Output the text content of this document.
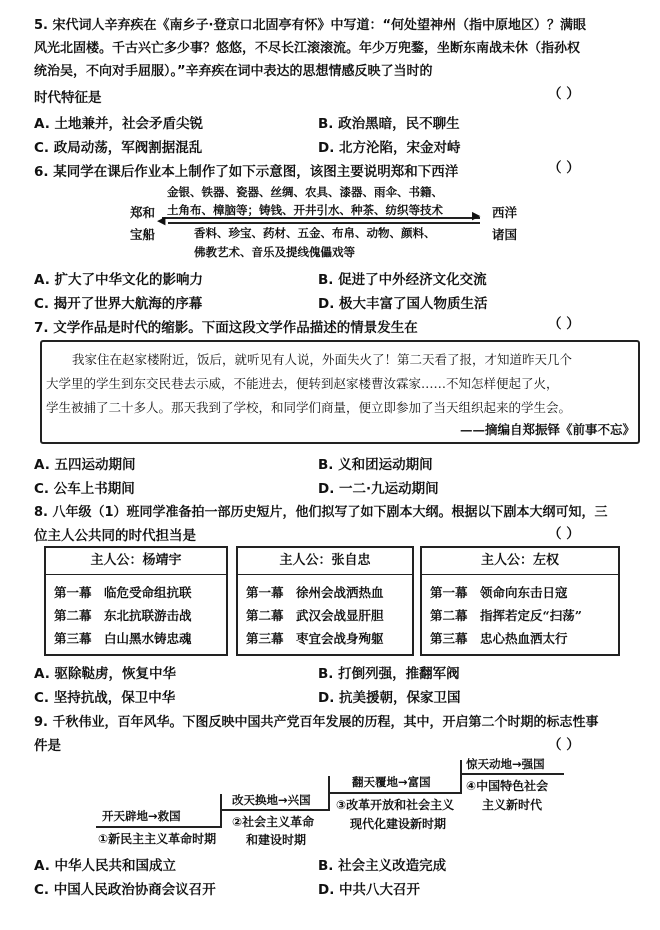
5. 宋代词人辛弃疾在《南乡子·登京口北固亭有怀》中写道：“何处望神州（指中原地区）？满眼
风光北固楼。千古兴亡多少事？悠悠，不尽长江滚滚流。年少万兜鍪，坐断东南战未休（指孙权
统治吴，不向对手屈服）。”辛弃疾在词中表达的思想情感反映了当时的
时代特征是	（ ）
A. 土地兼并，社会矛盾尖锐	B. 政治黑暗，民不聊生
C. 政局动荡，军阀割据混乱	D. 北方沦陷，宋金对峙
6. 某同学在课后作业本上制作了如下示意图，该图主要说明郑和下西洋	（ ）
金银、铁器、瓷器、丝绸、农具、漆器、雨伞、书籍、
郑和 土角布、樟脑等；铸钱、开井引水、种茶、纺织等技术	西洋
▶
◀
宝船	香料、珍宝、药材、五金、布帛、动物、颜料、	诸国
佛教艺术、音乐及提线傀儡戏等
A. 扩大了中华文化的影响力	B. 促进了中外经济文化交流
C. 揭开了世界大航海的序幕	D. 极大丰富了国人物质生活
7. 文学作品是时代的缩影。下面这段文学作品描述的情景发生在	（ ）
我家住在赵家楼附近，饭后，就听见有人说，外面失火了！第二天看了报，才知道昨天几个
大学里的学生到东交民巷去示威，不能进去，便转到赵家楼曹汝霖家……不知怎样便起了火，
学生被捕了二十多人。那天我到了学校，和同学们商量，便立即参加了当天组织起来的学生会。
——摘编自郑振铎《前事不忘》
A. 五四运动期间	B. 义和团运动期间
C. 公车上书期间	D. 一二·九运动期间
8. 八年级（1）班同学准备拍一部历史短片，他们拟写了如下剧本大纲。根据以下剧本大纲可知，三
位主人公共同的时代担当是	（ ）
主人公：杨靖宇
第一幕　临危受命组抗联
第二幕　东北抗联游击战
第三幕　白山黑水铸忠魂
主人公：张自忠
第一幕　徐州会战洒热血
第二幕　武汉会战显肝胆
第三幕　枣宜会战身殉躯
主人公：左权
第一幕　领命向东击日寇
第二幕　指挥若定反“扫荡”
第三幕　忠心热血洒太行
A. 驱除鞑虏，恢复中华	B. 打倒列强，推翻军阀
C. 坚持抗战，保卫中华	D. 抗美援朝，保家卫国
9. 千秋伟业，百年风华。下图反映中国共产党百年发展的历程，其中，开启第二个时期的标志性事
件是	（ ）
开天辟地→救国
①新民主主义革命时期
改天换地→兴国
②社会主义革命
和建设时期
翻天覆地→富国
③改革开放和社会主义
现代化建设新时期
惊天动地→强国
④中国特色社会
主义新时代
A. 中华人民共和国成立	B. 社会主义改造完成
C. 中国人民政治协商会议召开	D. 中共八大召开
